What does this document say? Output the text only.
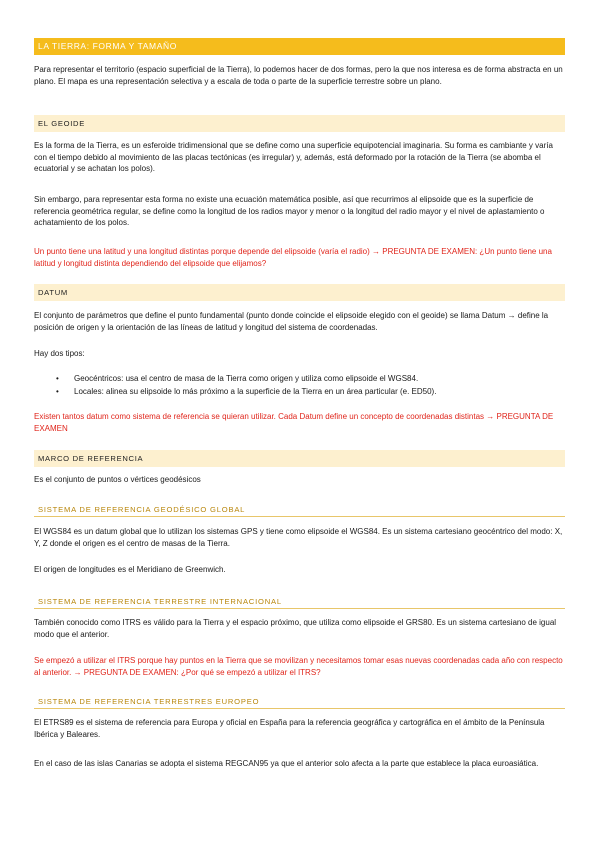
LA TIERRA: FORMA Y TAMAÑO

Para representar el territorio (espacio superficial de la Tierra), lo podemos hacer de dos formas, pero la que nos interesa es de forma abstracta en un plano. El mapa es una representación selectiva y a escala de toda o parte de la superficie terrestre sobre un plano.

EL GEOIDE

Es la forma de la Tierra, es un esferoide tridimensional que se define como una superficie equipotencial imaginaria. Su forma es cambiante y varía con el tiempo debido al movimiento de las placas tectónicas (es irregular) y, además, está deformado por la rotación de la Tierra (se abomba el ecuatorial y se achatan los polos).

Sin embargo, para representar esta forma no existe una ecuación matemática posible, así que recurrimos al elipsoide que es la superficie de referencia geométrica regular, se define como la longitud de los radios mayor y menor o la longitud del radio mayor y el nivel de aplastamiento o achatamiento de los polos.

Un punto tiene una latitud y una longitud distintas porque depende del elipsoide (varía el radio) → PREGUNTA DE EXAMEN: ¿Un punto tiene una latitud y longitud distinta dependiendo del elipsoide que elijamos?

DATUM

El conjunto de parámetros que define el punto fundamental (punto donde coincide el elipsoide elegido con el geoide) se llama Datum → define la posición de origen y la orientación de las líneas de latitud y longitud del sistema de coordenadas.

Hay dos tipos:

• Geocéntricos: usa el centro de masa de la Tierra como origen y utiliza como elipsoide el WGS84.
• Locales: alinea su elipsoide lo más próximo a la superficie de la Tierra en un área particular (e. ED50).

Existen tantos datum como sistema de referencia se quieran utilizar. Cada Datum define un concepto de coordenadas distintas → PREGUNTA DE EXAMEN

MARCO DE REFERENCIA

Es el conjunto de puntos o vértices geodésicos

SISTEMA DE REFERENCIA GEODÉSICO GLOBAL

El WGS84 es un datum global que lo utilizan los sistemas GPS y tiene como elipsoide el WGS84. Es un sistema cartesiano geocéntrico del modo: X, Y, Z donde el origen es el centro de masas de la Tierra.

El origen de longitudes es el Meridiano de Greenwich.

SISTEMA DE REFERENCIA TERRESTRE INTERNACIONAL

También conocido como ITRS es válido para la Tierra y el espacio próximo, que utiliza como elipsoide el GRS80. Es un sistema cartesiano de igual modo que el anterior.

Se empezó a utilizar el ITRS porque hay puntos en la Tierra que se movilizan y necesitamos tomar esas nuevas coordenadas cada año con respecto al anterior. → PREGUNTA DE EXAMEN: ¿Por qué se empezó a utilizar el ITRS?

SISTEMA DE REFERENCIA TERRESTRES EUROPEO

El ETRS89 es el sistema de referencia para Europa y oficial en España para la referencia geográfica y cartográfica en el ámbito de la Península Ibérica y Baleares.

En el caso de las islas Canarias se adopta el sistema REGCAN95 ya que el anterior solo afecta a la parte que establece la placa euroasiática.
